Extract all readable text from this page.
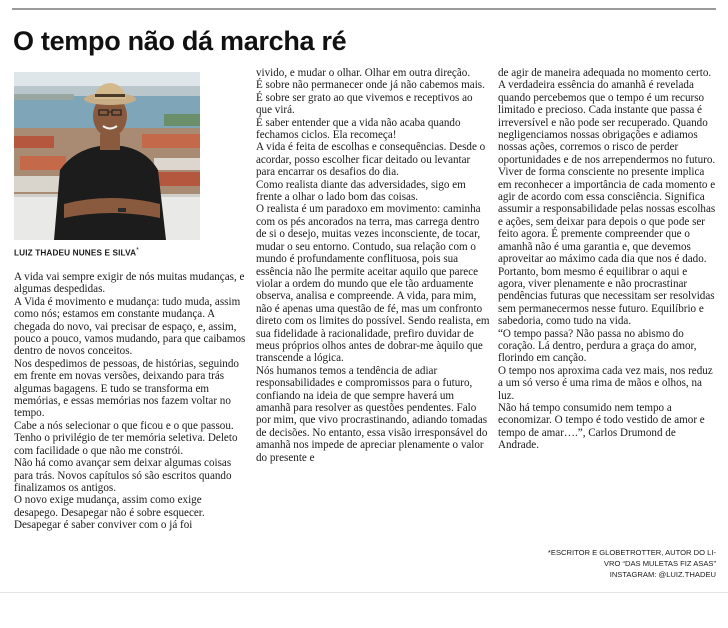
O tempo não dá marcha ré
LUIZ THADEU NUNES E SILVA*

A vida vai sempre exigir de nós muitas mudanças, e algumas despedidas.

A Vida é movimento e mudança: tudo muda, assim como nós; estamos em constante mudança. A chegada do novo, vai precisar de espaço, e, assim, pouco a pouco, vamos mudando, para que caibamos dentro de novos conceitos.

Nos despedimos de pessoas, de histórias, seguindo em frente em novas versões, deixando para trás algumas bagagens. E tudo se transforma em memórias, e essas memórias nos fazem voltar no tempo.

Cabe a nós selecionar o que ficou e o que passou. Tenho o privilégio de ter memória seletiva. Deleto com facilidade o que não me constrói.

Não há como avançar sem deixar algumas coisas para trás. Novos capítulos só são escritos quando finalizamos os antigos.

O novo exige mudança, assim como exige desapego. Desapegar não é sobre esquecer. Desapegar é saber conviver com o já foi

vivido, e mudar o olhar. Olhar em outra direção.

É sobre não permanecer onde já não cabemos mais. É sobre ser grato ao que vivemos e receptivos ao que virá.

É saber entender que a vida não acaba quando fechamos ciclos. Ela recomeça!

A vida é feita de escolhas e consequências. Desde o acordar, posso escolher ficar deitado ou levantar para encarrar os desafios do dia.

Como realista diante das adversidades, sigo em frente a olhar o lado bom das coisas.

O realista é um paradoxo em movimento: caminha com os pés ancorados na terra, mas carrega dentro de si o desejo, muitas vezes inconsciente, de tocar, mudar o seu entorno. Contudo, sua relação com o mundo é profundamente conflituosa, pois sua essência não lhe permite aceitar aquilo que parece violar a ordem do mundo que ele tão arduamente observa, analisa e compreende. A vida, para mim, não é apenas uma questão de fé, mas um confronto direto com os limites do possível. Sendo realista, em sua fidelidade à racionalidade, prefiro duvidar de meus próprios olhos antes de dobrar-me àquilo que transcende a lógica.

Nós humanos temos a tendência de adiar responsabilidades e compromissos para o futuro, confiando na ideia de que sempre haverá um amanhã para resolver as questões pendentes. Falo por mim, que vivo procrastinando, adiando tomadas de decisões. No entanto, essa visão irresponsável do amanhã nos impede de apreciar plenamente o valor do presente e

de agir de maneira adequada no momento certo.

A verdadeira essência do amanhã é revelada quando percebemos que o tempo é um recurso limitado e precioso. Cada instante que passa é irreversível e não pode ser recuperado. Quando negligenciamos nossas obrigações e adiamos nossas ações, corremos o risco de perder oportunidades e de nos arrependermos no futuro.

Viver de forma consciente no presente implica em reconhecer a importância de cada momento e agir de acordo com essa consciência. Significa assumir a responsabilidade pelas nossas escolhas e ações, sem deixar para depois o que pode ser feito agora. É premente compreender que o amanhã não é uma garantia e, que devemos aproveitar ao máximo cada dia que nos é dado.

Portanto, bom mesmo é equilibrar o aqui e agora, viver plenamente e não procrastinar pendências futuras que necessitam ser resolvidas sem permanecermos nesse futuro. Equilíbrio e sabedoria, como tudo na vida.

“O tempo passa? Não passa no abismo do coração. Lá dentro, perdura a graça do amor, florindo em canção.

O tempo nos aproxima cada vez mais, nos reduz a um só verso é uma rima de mãos e olhos, na luz.

Não há tempo consumido nem tempo a economizar. O tempo é todo vestido de amor e tempo de amar….”, Carlos Drumond de Andrade.

*ESCRITOR E GLOBETROTTER, AUTOR DO LI-
VRO “DAS MULETAS FIZ ASAS”
INSTAGRAM: @LUIZ.THADEU
